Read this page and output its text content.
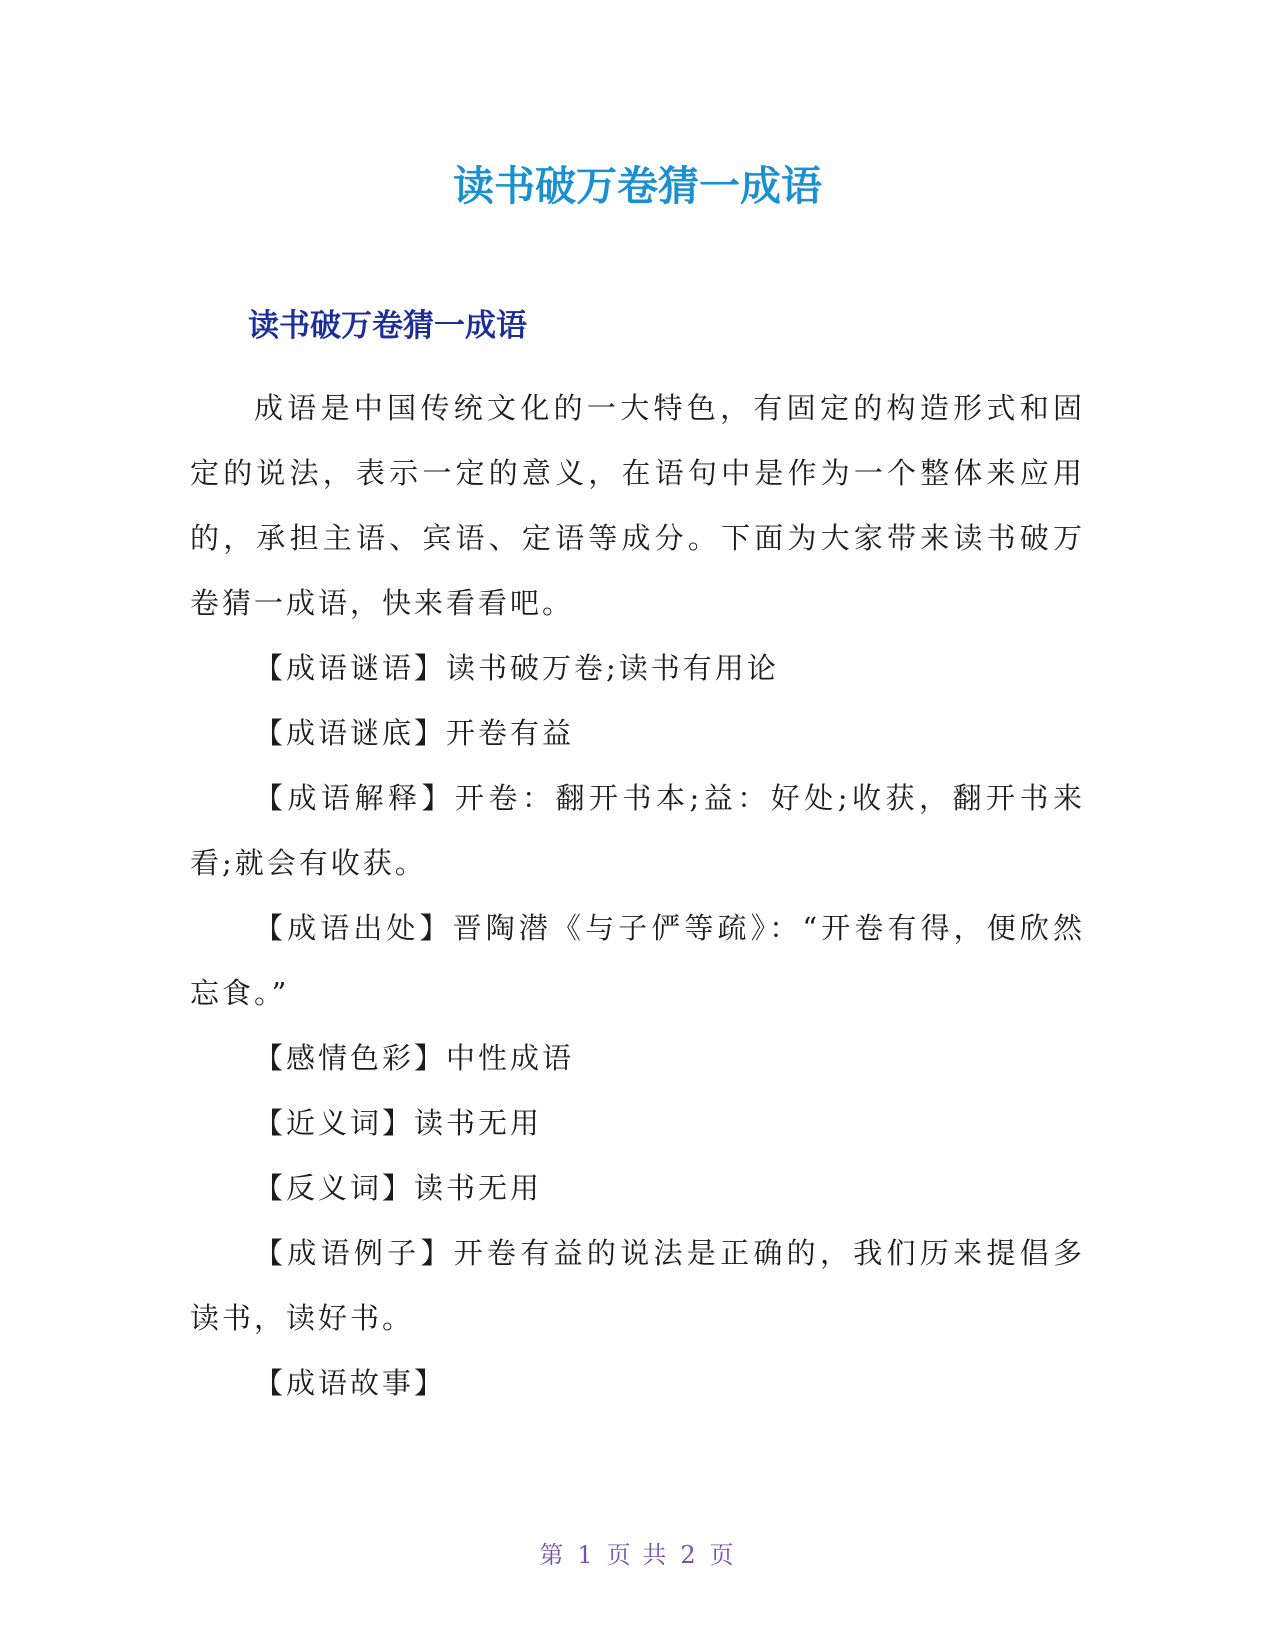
读书破万卷猜一成语
读书破万卷猜一成语

成语是中国传统文化的一大特色，有固定的构造形式和固定的说法，表示一定的意义，在语句中是作为一个整体来应用的，承担主语、宾语、定语等成分。下面为大家带来读书破万卷猜一成语，快来看看吧。

【成语谜语】读书破万卷;读书有用论

【成语谜底】开卷有益

【成语解释】开卷：翻开书本;益：好处;收获，翻开书来看;就会有收获。

【成语出处】晋陶潜《与子俨等疏》：“开卷有得，便欣然忘食。”

【感情色彩】中性成语

【近义词】读书无用

【反义词】读书无用

【成语例子】开卷有益的说法是正确的，我们历来提倡多读书，读好书。

【成语故事】

第 1 页 共 2 页
